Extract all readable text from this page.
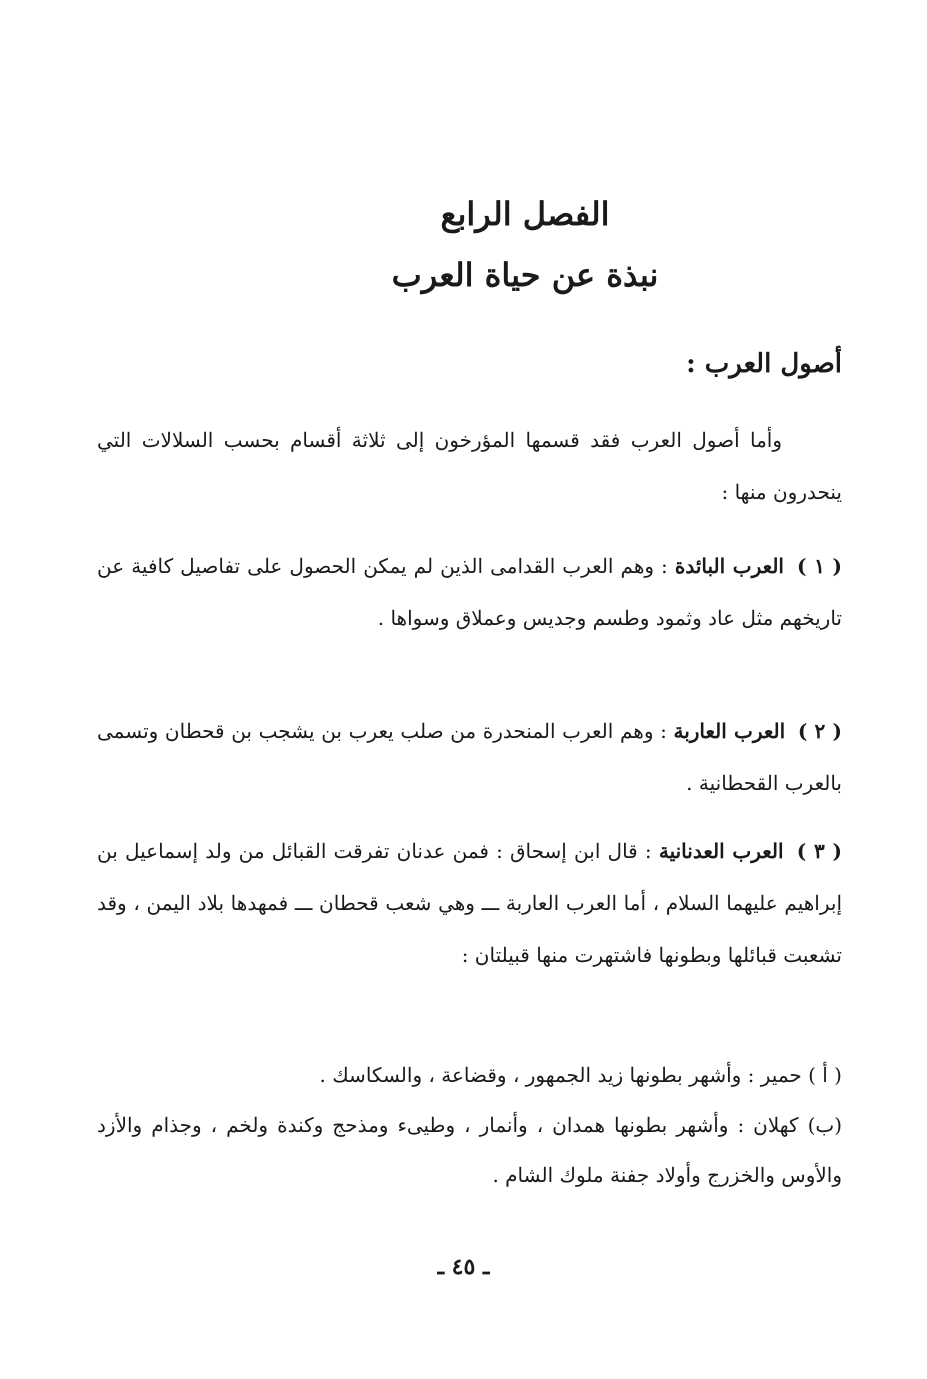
الفصل الرابع
نبذة عن حياة العرب
أصول العرب :
وأما أصول العرب فقد قسمها المؤرخون إلى ثلاثة أقسام بحسب السلالات التي ينحدرون منها :
( ١ ) العرب البائدة : وهم العرب القدامى الذين لم يمكن الحصول على تفاصيل كافية عن تاريخهم مثل عاد وثمود وطسم وجديس وعملاق وسواها .
( ٢ ) العرب العاربة : وهم العرب المنحدرة من صلب يعرب بن يشجب بن قحطان وتسمى بالعرب القحطانية .
( ٣ ) العرب العدنانية : قال ابن إسحاق : فمن عدنان تفرقت القبائل من ولد إسماعيل بن إبراهيم عليهما السلام ، أما العرب العاربة ـــ وهي شعب قحطان ـــ فمهدها بلاد اليمن ، وقد تشعبت قبائلها وبطونها فاشتهرت منها قبيلتان :
( أ ) حمير : وأشهر بطونها زيد الجمهور ، وقضاعة ، والسكاسك .
(ب) كهلان : وأشهر بطونها همدان ، وأنمار ، وطيىء ومذحج وكندة ولخم ، وجذام والأزد والأوس والخزرج وأولاد جفنة ملوك الشام .
ـ ٤٥ ـ
